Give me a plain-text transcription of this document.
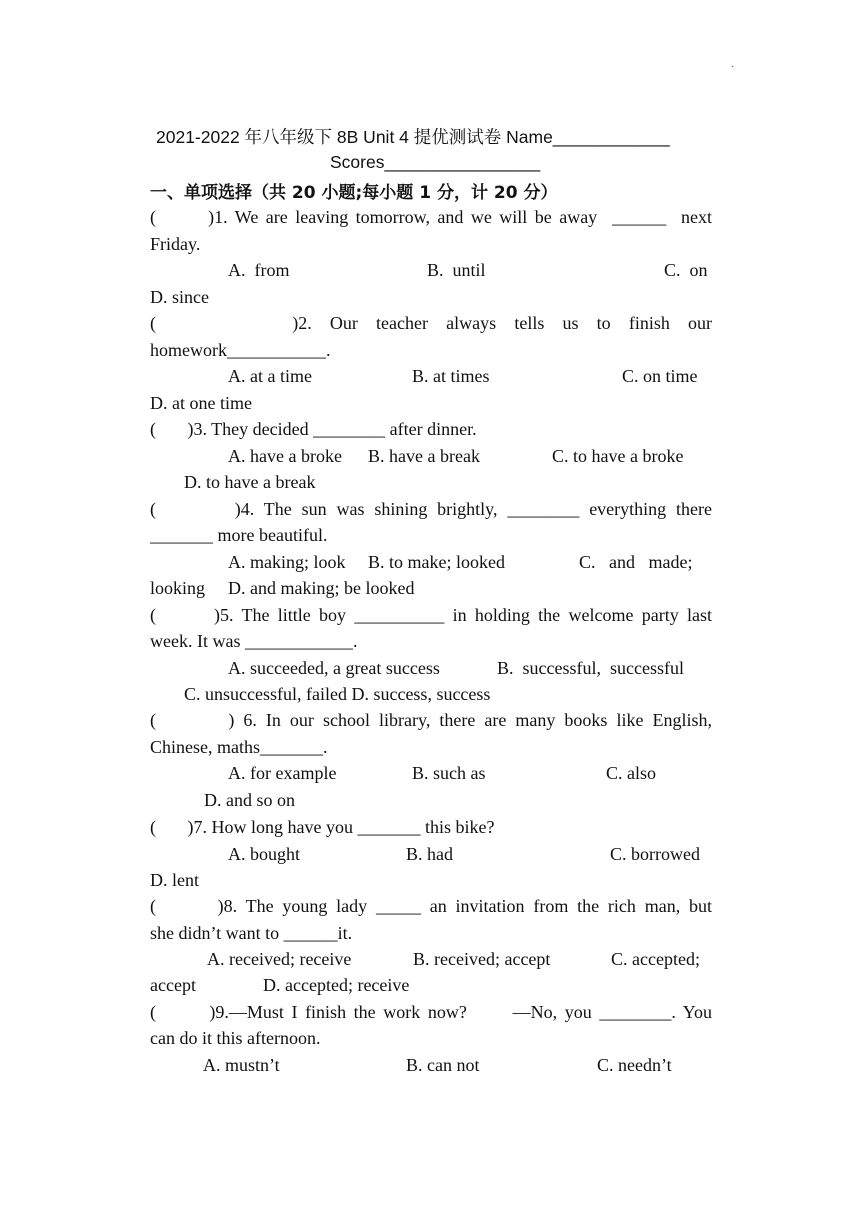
·
2021-2022 年八年级下 8B Unit 4 提优测试卷 Name____________
Scores________________
一、单项选择（共 20 小题;每小题 1 分，计 20 分）
(       )1. We are leaving tomorrow, and we will be away  ______  next
Friday.
A.  from	B.  until	C.  on
D. since
(               )2.  Our  teacher  always  tells  us  to  finish  our
homework___________.
A. at a time	B. at times	C. on time
D. at one time
(       )3. They decided ________ after dinner.
A. have a broke B. have a break	C. to have a broke
D. to have a break
(        )4. The sun was shining brightly, ________ everything there
_______ more beautiful.
A. making; look B. to make; looked	C.   and   made;
looking D. and making; be looked
(       )5. The little boy __________ in holding the welcome party last
week. It was ____________.
A. succeeded, a great success	B.  successful,  successful
C. unsuccessful, failed D. success, success
(        ) 6. In our school library, there are many books like English,
Chinese, maths_______.
A. for example	B. such as	C. also
D. and so on
(       )7. How long have you _______ this bike?
A. bought	B. had	C. borrowed
D. lent
(       )8. The young lady _____ an invitation from the rich man, but
she didn’t want to ______it.
A. received; receive	B. received; accept	C. accepted;
accept	D. accepted; receive
(       )9.—Must I finish the work now?      —No, you ________. You
can do it this afternoon.
A. mustn’t	B. can not	C. needn’t
